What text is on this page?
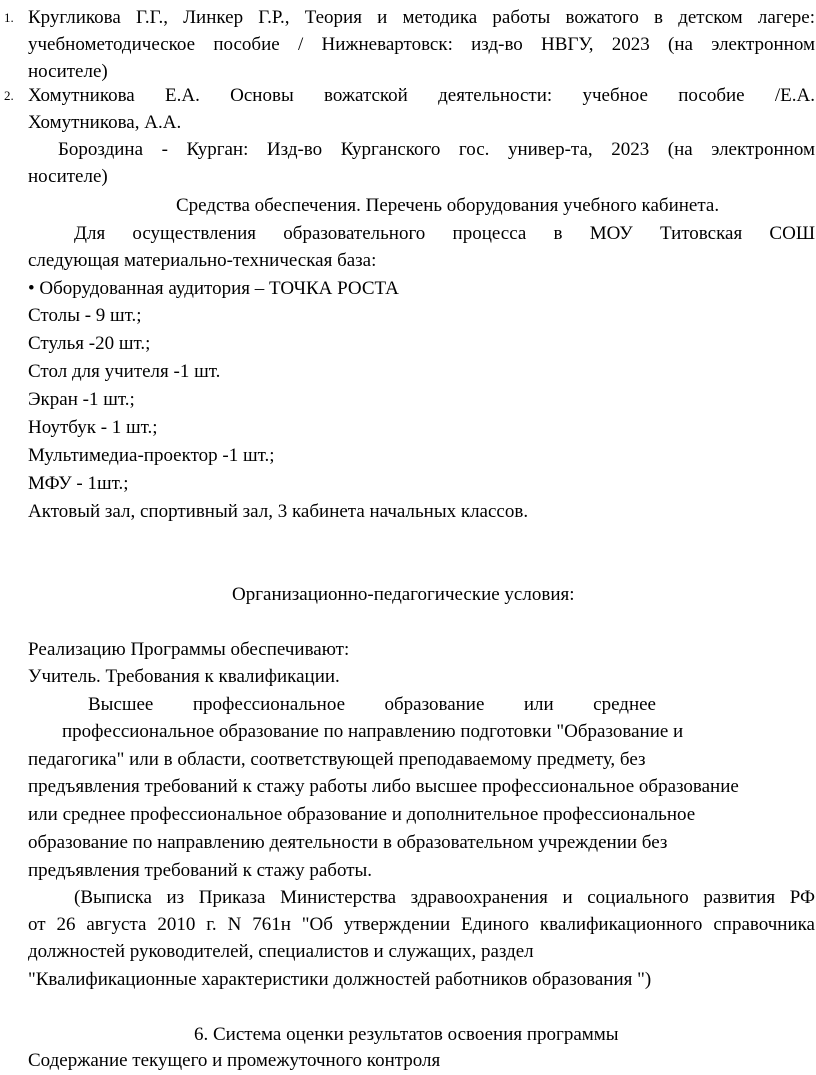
1. Кругликова Г.Г., Линкер Г.Р., Теория и методика работы вожатого в детском лагере:
учебнометодическое пособие / Нижневартовск: изд-во НВГУ, 2023 (на электронном
носителе)
2. Хомутникова Е.А. Основы вожатской деятельности: учебное пособие /Е.А.
Хомутникова, А.А.
Бороздина - Курган: Изд-во Курганского гос. универ-та, 2023 (на электронном
носителе)
Средства обеспечения. Перечень оборудования учебного кабинета.
Для осуществления образовательного процесса в МОУ Титовская СОШ
следующая материально-техническая база:
• Оборудованная аудитория – ТОЧКА РОСТА
Столы - 9 шт.;
Стулья -20 шт.;
Стол для учителя -1 шт.
Экран -1 шт.;
Ноутбук - 1 шт.;
Мультимедиа-проектор -1 шт.;
МФУ - 1шт.;
Актовый зал, спортивный зал, 3 кабинета начальных классов.
Организационно-педагогические условия:
Реализацию Программы обеспечивают:
Учитель. Требования к квалификации.
Высшее профессиональное образование или среднее
профессиональное образование по направлению подготовки "Образование и
педагогика" или в области, соответствующей преподаваемому предмету, без
предъявления требований к стажу работы либо высшее профессиональное образование
или среднее профессиональное образование и дополнительное профессиональное
образование по направлению деятельности в образовательном учреждении без
предъявления требований к стажу работы.
(Выписка из Приказа Министерства здравоохранения и социального развития РФ
от 26 августа 2010 г. N 761н "Об утверждении Единого квалификационного справочника
должностей руководителей, специалистов и служащих, раздел
"Квалификационные характеристики должностей работников образования ")
6. Система оценки результатов освоения программы
Содержание текущего и промежуточного контроля
